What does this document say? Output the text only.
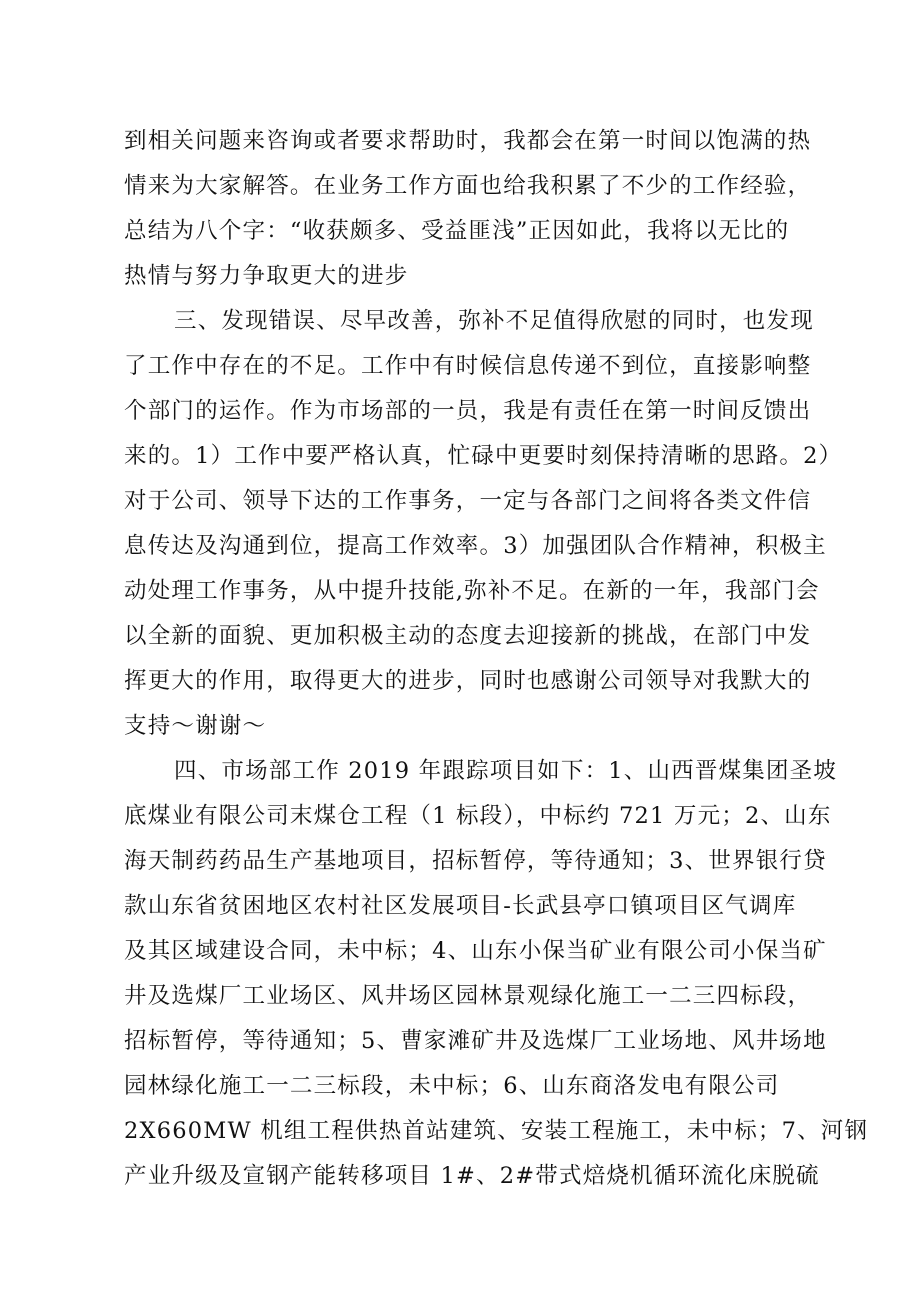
到相关问题来咨询或者要求帮助时，我都会在第一时间以饱满的热
情来为大家解答。在业务工作方面也给我积累了不少的工作经验，
总结为八个字：“收获颇多、受益匪浅”正因如此，我将以无比的
热情与努力争取更大的进步
三、发现错误、尽早改善，弥补不足值得欣慰的同时，也发现
了工作中存在的不足。工作中有时候信息传递不到位，直接影响整
个部门的运作。作为市场部的一员，我是有责任在第一时间反馈出
来的。1）工作中要严格认真，忙碌中更要时刻保持清晰的思路。2）
对于公司、领导下达的工作事务，一定与各部门之间将各类文件信
息传达及沟通到位，提高工作效率。3）加强团队合作精神，积极主
动处理工作事务，从中提升技能,弥补不足。在新的一年，我部门会
以全新的面貌、更加积极主动的态度去迎接新的挑战，在部门中发
挥更大的作用，取得更大的进步，同时也感谢公司领导对我默大的
支持～谢谢～
四、市场部工作 2019 年跟踪项目如下：1、山西晋煤集团圣坡
底煤业有限公司末煤仓工程（1 标段），中标约 721 万元；2、山东
海天制药药品生产基地项目，招标暂停，等待通知；3、世界银行贷
款山东省贫困地区农村社区发展项目-长武县亭口镇项目区气调库
及其区域建设合同，未中标；4、山东小保当矿业有限公司小保当矿
井及选煤厂工业场区、风井场区园林景观绿化施工一二三四标段，
招标暂停，等待通知；5、曹家滩矿井及选煤厂工业场地、风井场地
园林绿化施工一二三标段，未中标；6、山东商洛发电有限公司
2X660MW 机组工程供热首站建筑、安装工程施工，未中标；7、河钢
产业升级及宣钢产能转移项目 1#、2#带式焙烧机循环流化床脱硫
